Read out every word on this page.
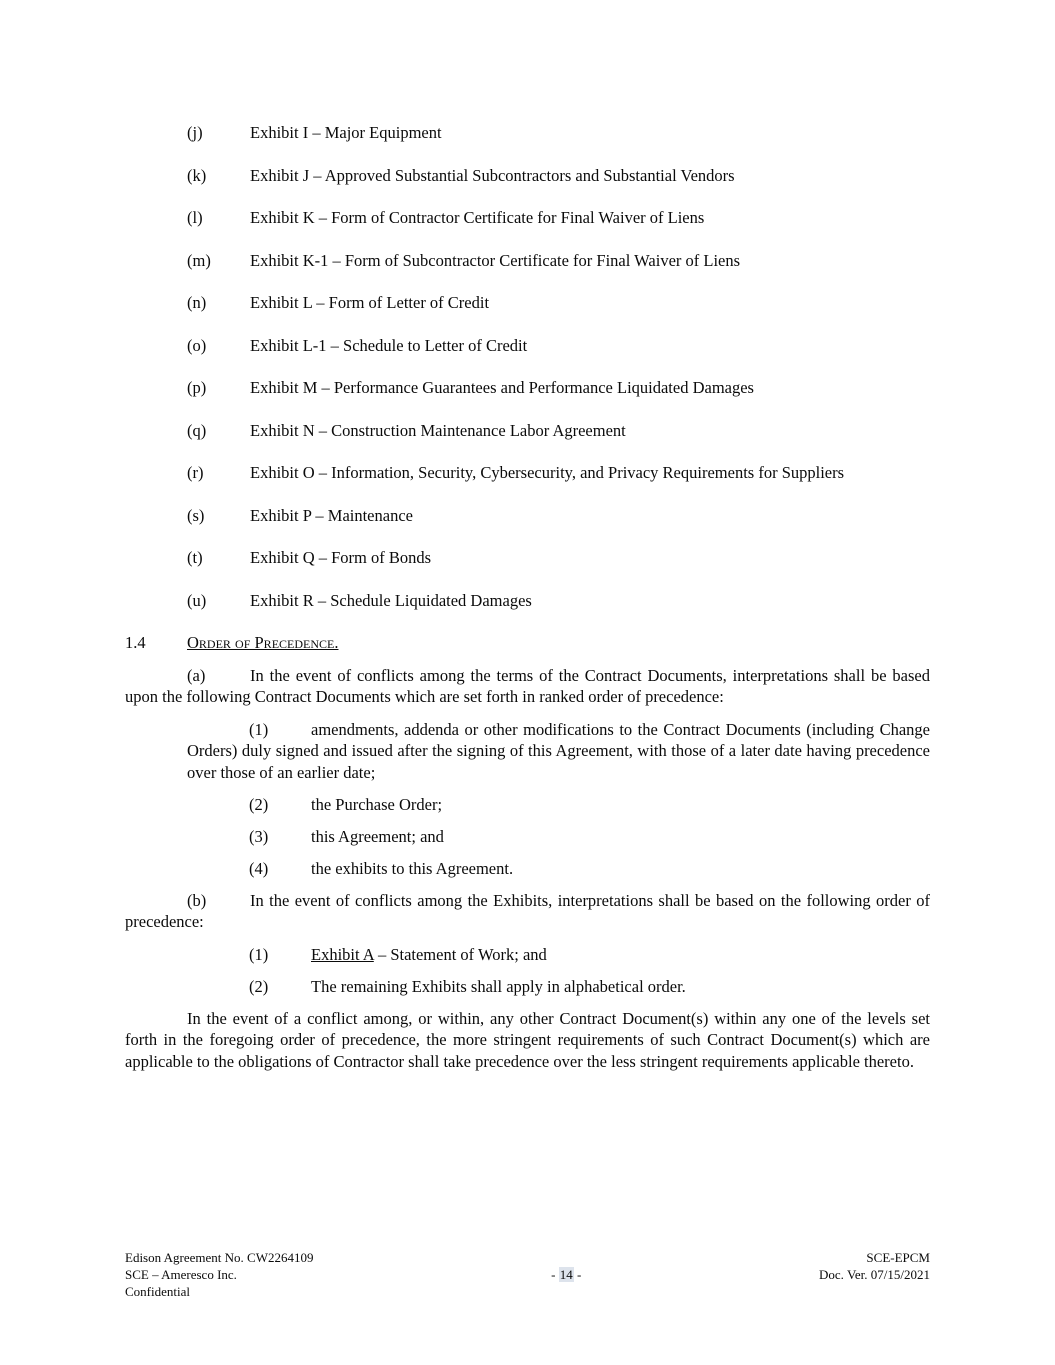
(j)	Exhibit I – Major Equipment
(k)	Exhibit J – Approved Substantial Subcontractors and Substantial Vendors
(l)	Exhibit K – Form of Contractor Certificate for Final Waiver of Liens
(m) Exhibit K-1 – Form of Subcontractor Certificate for Final Waiver of Liens
(n)	Exhibit L – Form of Letter of Credit
(o)	Exhibit L-1 – Schedule to Letter of Credit
(p)	Exhibit M – Performance Guarantees and Performance Liquidated Damages
(q)	Exhibit N – Construction Maintenance Labor Agreement
(r)	Exhibit O – Information, Security, Cybersecurity, and Privacy Requirements for Suppliers
(s)	Exhibit P – Maintenance
(t)	Exhibit Q – Form of Bonds
(u)	Exhibit R – Schedule Liquidated Damages
1.4	Order of Precedence.

(a)	In the event of conflicts among the terms of the Contract Documents, interpretations shall be based upon the following Contract Documents which are set forth in ranked order of precedence:

(1)	amendments, addenda or other modifications to the Contract Documents (including Change Orders) duly signed and issued after the signing of this Agreement, with those of a later date having precedence over those of an earlier date;

(2)	the Purchase Order;

(3)	this Agreement; and

(4)	the exhibits to this Agreement.

(b)	In the event of conflicts among the Exhibits, interpretations shall be based on the following order of precedence:

(1)	Exhibit A – Statement of Work; and

(2)	The remaining Exhibits shall apply in alphabetical order.

In the event of a conflict among, or within, any other Contract Document(s) within any one of the levels set forth in the foregoing order of precedence, the more stringent requirements of such Contract Document(s) which are applicable to the obligations of Contractor shall take precedence over the less stringent requirements applicable thereto.

Edison Agreement No. CW2264109
SCE – Ameresco Inc.
Confidential
- 14 -
SCE-EPCM
Doc. Ver. 07/15/2021
